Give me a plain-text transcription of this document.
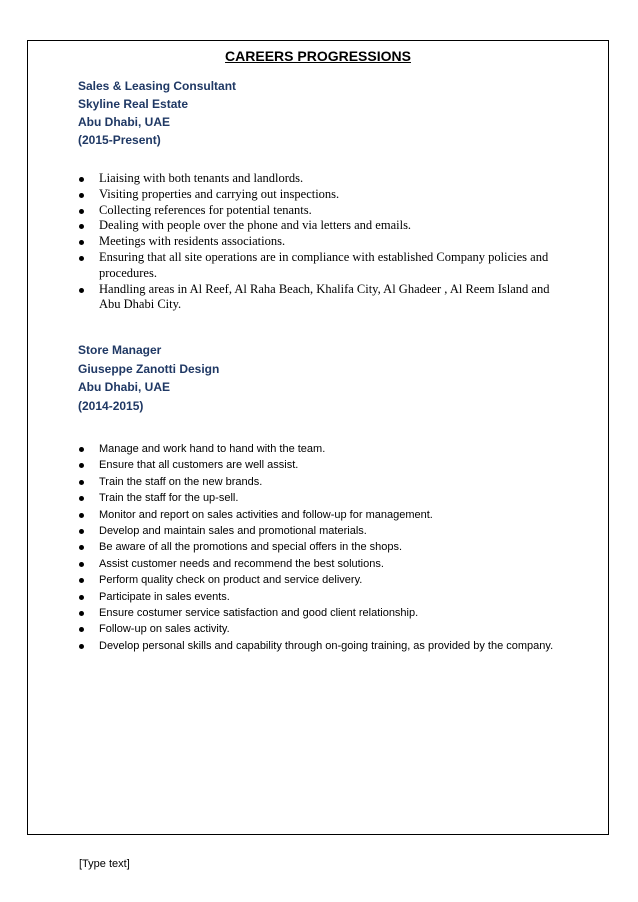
CAREERS PROGRESSIONS
Sales & Leasing Consultant
Skyline Real Estate
Abu Dhabi, UAE
(2015-Present)
Liaising with both tenants and landlords.
Visiting properties and carrying out inspections.
Collecting references for potential tenants.
Dealing with people over the phone and via letters and emails.
Meetings with residents associations.
Ensuring that all site operations are in compliance with established Company policies and procedures.
Handling areas in Al Reef, Al Raha Beach, Khalifa City, Al Ghadeer , Al Reem Island and Abu Dhabi City.
Store Manager
Giuseppe Zanotti Design
Abu Dhabi, UAE
(2014-2015)
Manage and work hand to hand with the team.
Ensure that all customers are well assist.
Train the staff on the new brands.
Train the staff for the up-sell.
Monitor and report on sales activities and follow-up for management.
Develop and maintain sales and promotional materials.
Be aware of all the promotions and special offers in the shops.
Assist customer needs and recommend the best solutions.
Perform quality check on product and service delivery.
Participate in sales events.
Ensure costumer service satisfaction and good client relationship.
Follow-up on sales activity.
Develop personal skills and capability through on-going training, as provided by the company.
[Type text]
